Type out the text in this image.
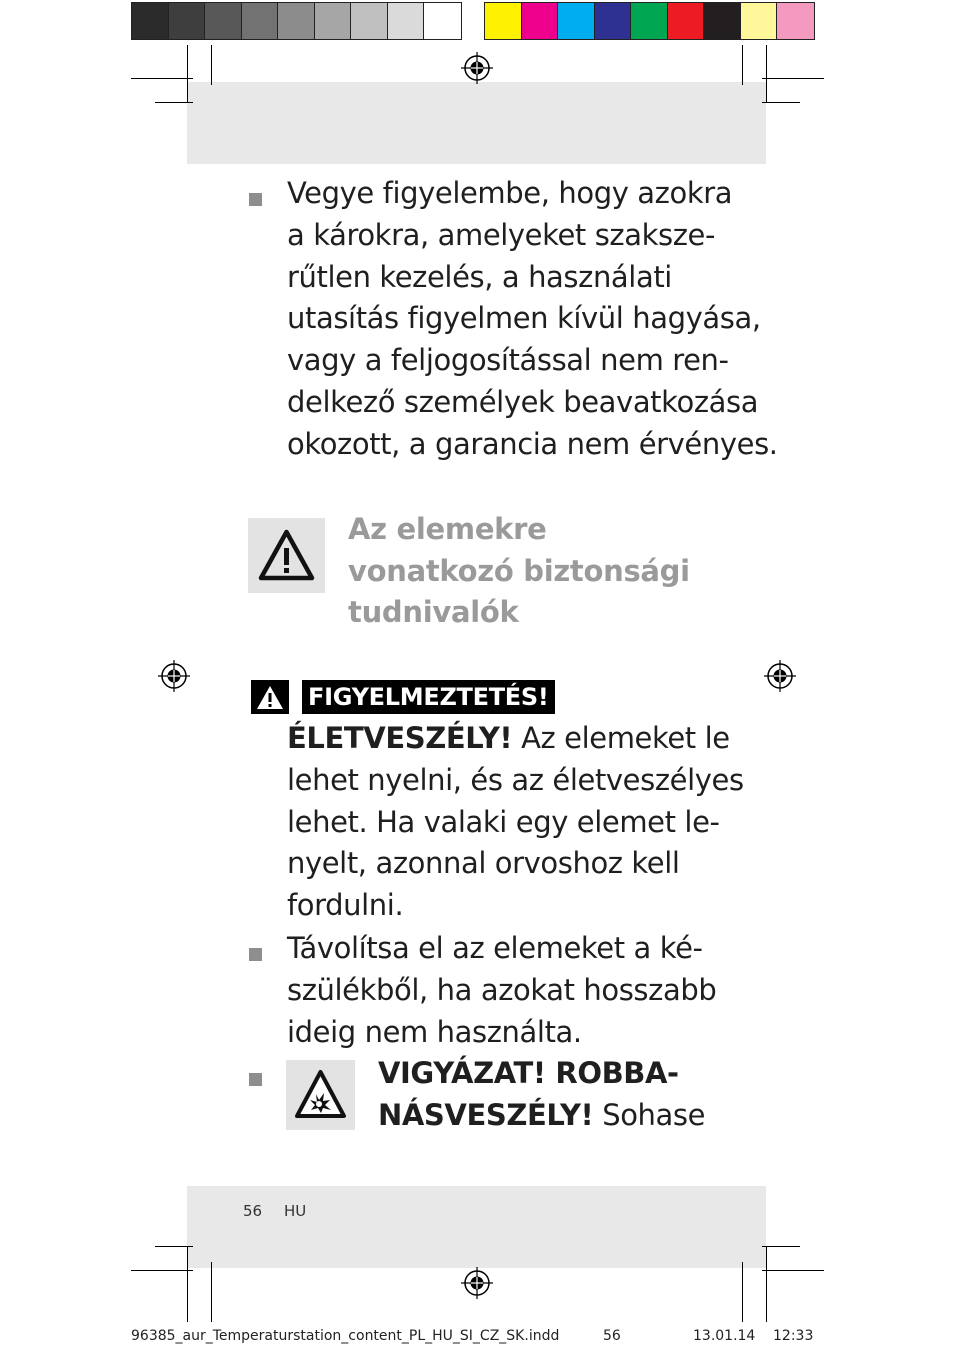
Vegye figyelembe, hogy azokra
a károkra, amelyeket szaksze-
rűtlen kezelés, a használati
utasítás figyelmen kívül hagyása,
vagy a feljogosítással nem ren-
delkező személyek beavatkozása
okozott, a garancia nem érvényes.
Az elemekre
vonatkozó biztonsági
tudnivalók
FIGYELMEZTETÉS!
ÉLETVESZÉLY! Az elemeket le
lehet nyelni, és az életveszélyes
lehet. Ha valaki egy elemet le-
nyelt, azonnal orvoshoz kell
fordulni.
Távolítsa el az elemeket a ké-
szülékből, ha azokat hosszabb
ideig nem használta.
VIGYÁZAT! ROBBA-
NÁSVESZÉLY! Sohase
56 HU
96385_aur_Temperaturstation_content_PL_HU_SI_CZ_SK.indd	56	13.01.14 12:33
